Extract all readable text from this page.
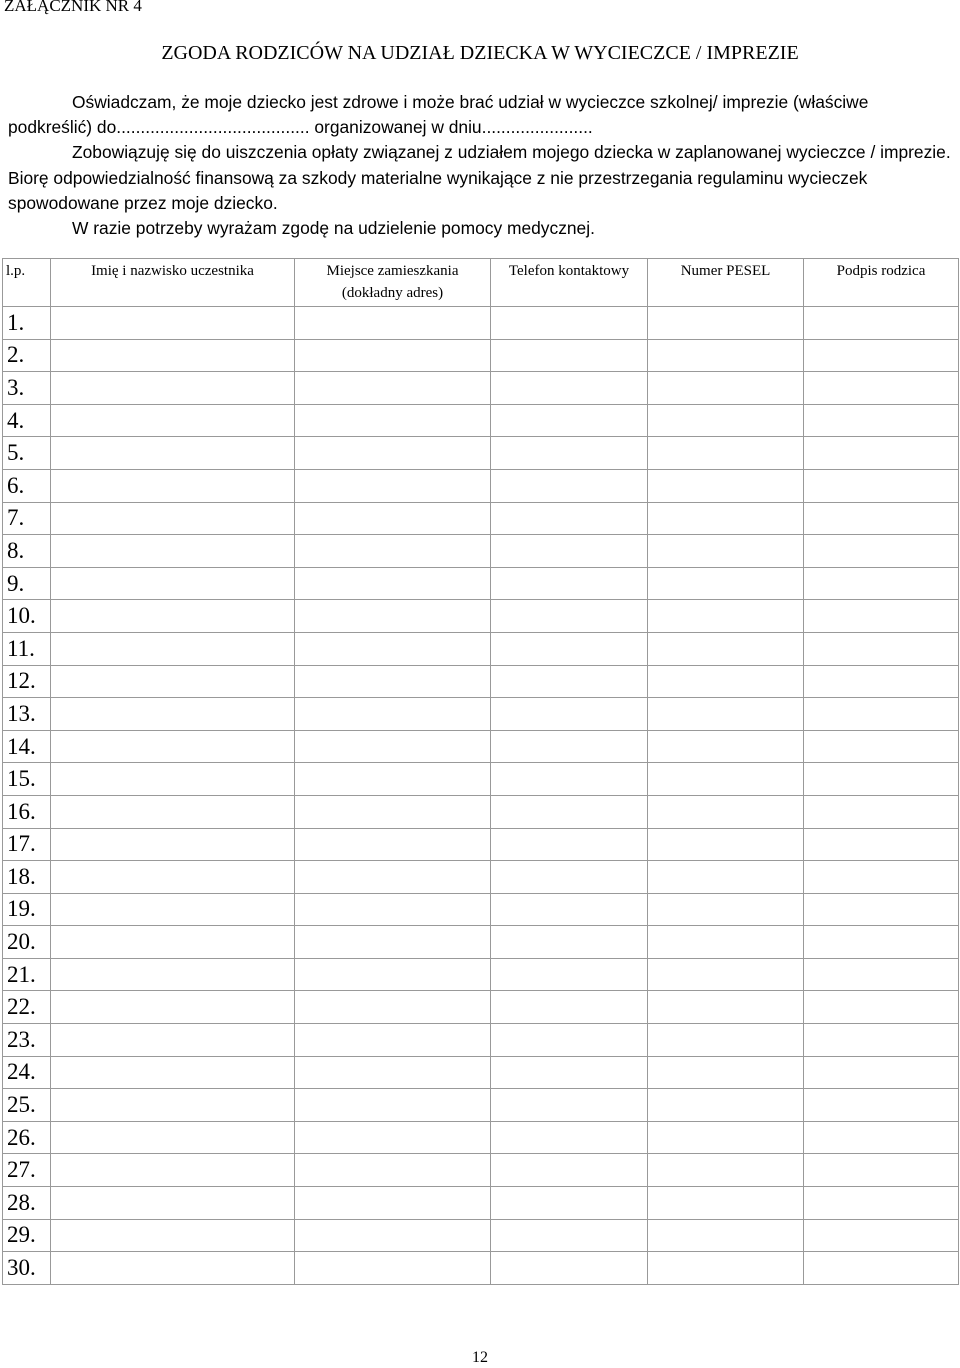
ZAŁĄCZNIK NR 4
ZGODA RODZICÓW NA UDZIAŁ DZIECKA W WYCIECZCE / IMPREZIE

Oświadczam, że moje dziecko jest zdrowe i może brać udział w wycieczce szkolnej/ imprezie (właściwe podkreślić) do........................................ organizowanej w dniu.......................

Zobowiązuję się do uiszczenia opłaty związanej z udziałem mojego dziecka w zaplanowanej wycieczce / imprezie. Biorę odpowiedzialność finansową za szkody materialne wynikające z nie przestrzegania regulaminu wycieczek spowodowane przez moje dziecko.

W razie potrzeby wyrażam zgodę na udzielenie pomocy medycznej.

l.p.	Imię i nazwisko uczestnika	Miejsce zamieszkania (dokładny adres)	Telefon kontaktowy	Numer PESEL	Podpis rodzica
1.					
2.					
3.					
4.					
5.					
6.					
7.					
8.					
9.					
10.					
11.					
12.					
13.					
14.					
15.					
16.					
17.					
18.					
19.					
20.					
21.					
22.					
23.					
24.					
25.					
26.					
27.					
28.					
29.					
30.					
12
